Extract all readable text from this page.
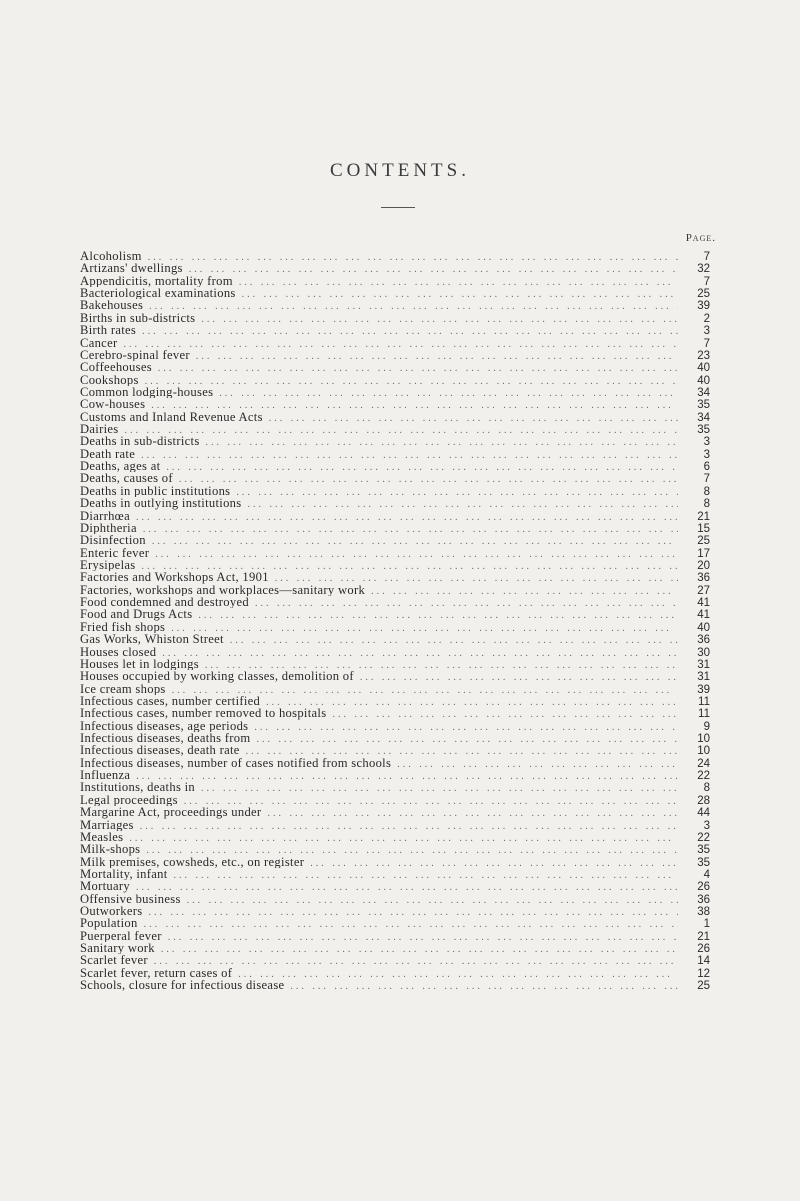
CONTENTS.
Page.
Alcoholism ... .	7
Artizans' dwellings ... .	32
Appendicitis, mortality from ... .	7
Bacteriological examinations ... .	25
Bakehouses ... .	39
Births in sub-districts ... .	2
Birth rates ... .	3
Cancer ... .	7
Cerebro-spinal fever ... .	23
Coffeehouses ... .	40
Cookshops ... .	40
Common lodging-houses ... .	34
Cow-houses ... .	35
Customs and Inland Revenue Acts ... .	34
Dairies ... .	35
Deaths in sub-districts ... .	3
Death rate ... .	3
Deaths, ages at ... .	6
Deaths, causes of ... .	7
Deaths in public institutions ... .	8
Deaths in outlying institutions ... .	8
Diarrhœa ... .	21
Diphtheria ... .	15
Disinfection ... .	25
Enteric fever ... .	17
Erysipelas ... .	20
Factories and Workshops Act, 1901 ... .	36
Factories, workshops and workplaces—sanitary work ... .	27
Food condemned and destroyed ... .	41
Food and Drugs Acts ... .	41
Fried fish shops ... .	40
Gas Works, Whiston Street ... .	36
Houses closed ... .	30
Houses let in lodgings ... .	31
Houses occupied by working classes, demolition of ... .	31
Ice cream shops ... .	39
Infectious cases, number certified ... .	11
Infectious cases, number removed to hospitals ... .	11
Infectious diseases, age periods ... .	9
Infectious diseases, deaths from ... .	10
Infectious diseases, death rate ... .	10
Infectious diseases, number of cases notified from schools ... .	24
Influenza ... .	22
Institutions, deaths in ... .	8
Legal proceedings ... .	28
Margarine Act, proceedings under ... .	44
Marriages ... .	3
Measles ... .	22
Milk-shops ... .	35
Milk premises, cowsheds, etc., on register ... .	35
Mortality, infant ... .	4
Mortuary ... .	26
Offensive business ... .	36
Outworkers ... .	38
Population ... .	1
Puerperal fever ... .	21
Sanitary work ... .	26
Scarlet fever ... .	14
Scarlet fever, return cases of ... .	12
Schools, closure for infectious disease ... .	25
